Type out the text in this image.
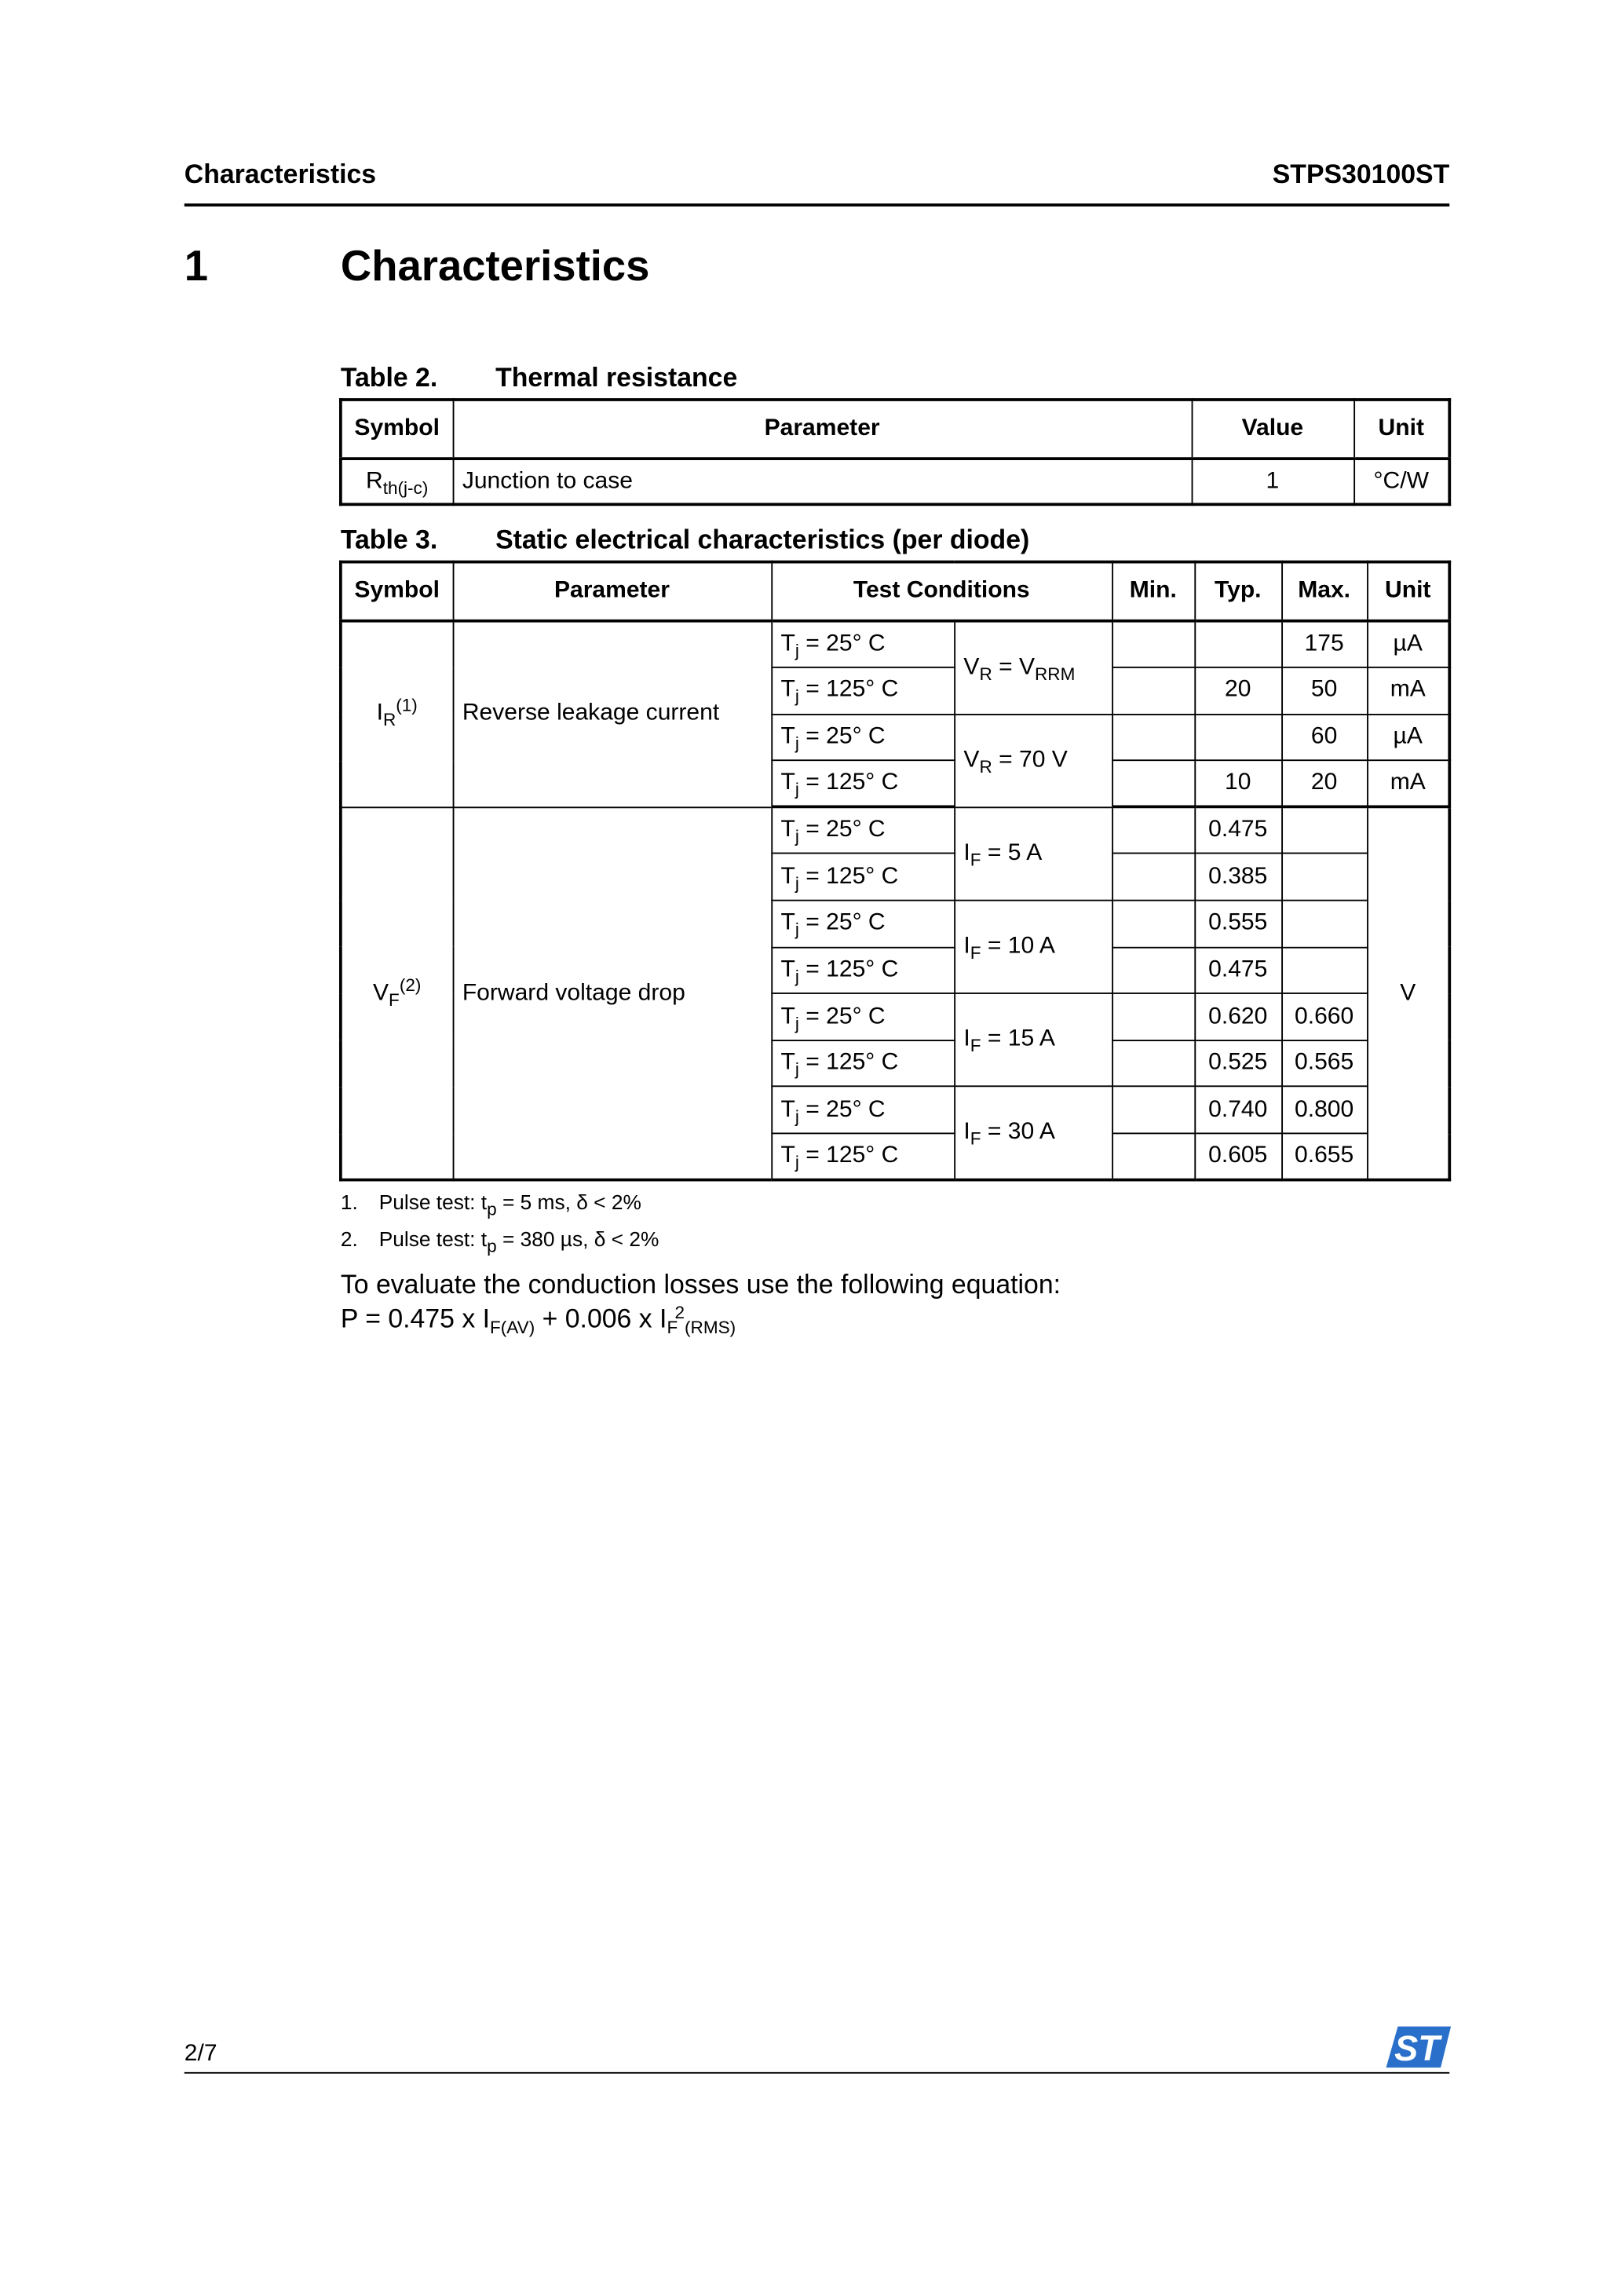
Characteristics	STPS30100ST
1	Characteristics
Table 2.	Thermal resistance
Symbol	Parameter	Value	Unit
$R_{th(j-c)}$	Junction to case	1	°C/W
Table 3.	Static electrical characteristics (per diode)
Symbol	Parameter	Test Conditions		Min.	Typ.	Max.	Unit
$I_R^{(1)}$	Reverse leakage current	$T_j = 25^\circ$ C	$V_R = V_{RRM}$			175	µA
		$T_j = 125^\circ$ C			20	50	mA
		$T_j = 25^\circ$ C	$V_R = 70$ V			60	µA
		$T_j = 125^\circ$ C			10	20	mA
$V_F^{(2)}$	Forward voltage drop	$T_j = 25^\circ$ C	$I_F = 5$ A		0.475		V
		$T_j = 125^\circ$ C			0.385		
		$T_j = 25^\circ$ C	$I_F = 10$ A		0.555		
		$T_j = 125^\circ$ C			0.475		
		$T_j = 25^\circ$ C	$I_F = 15$ A		0.620	0.660	
		$T_j = 125^\circ$ C			0.525	0.565	
		$T_j = 25^\circ$ C	$I_F = 30$ A		0.740	0.800	
		$T_j = 125^\circ$ C			0.605	0.655	
1. Pulse test: $t_p = 5$ ms, δ < 2%
2. Pulse test: $t_p = 380$ µs, δ < 2%
To evaluate the conduction losses use the following equation:
P = 0.475 x $I_{F(AV)} + 0.006$ x $I_F^2_{(RMS)}$
2/7	ST
